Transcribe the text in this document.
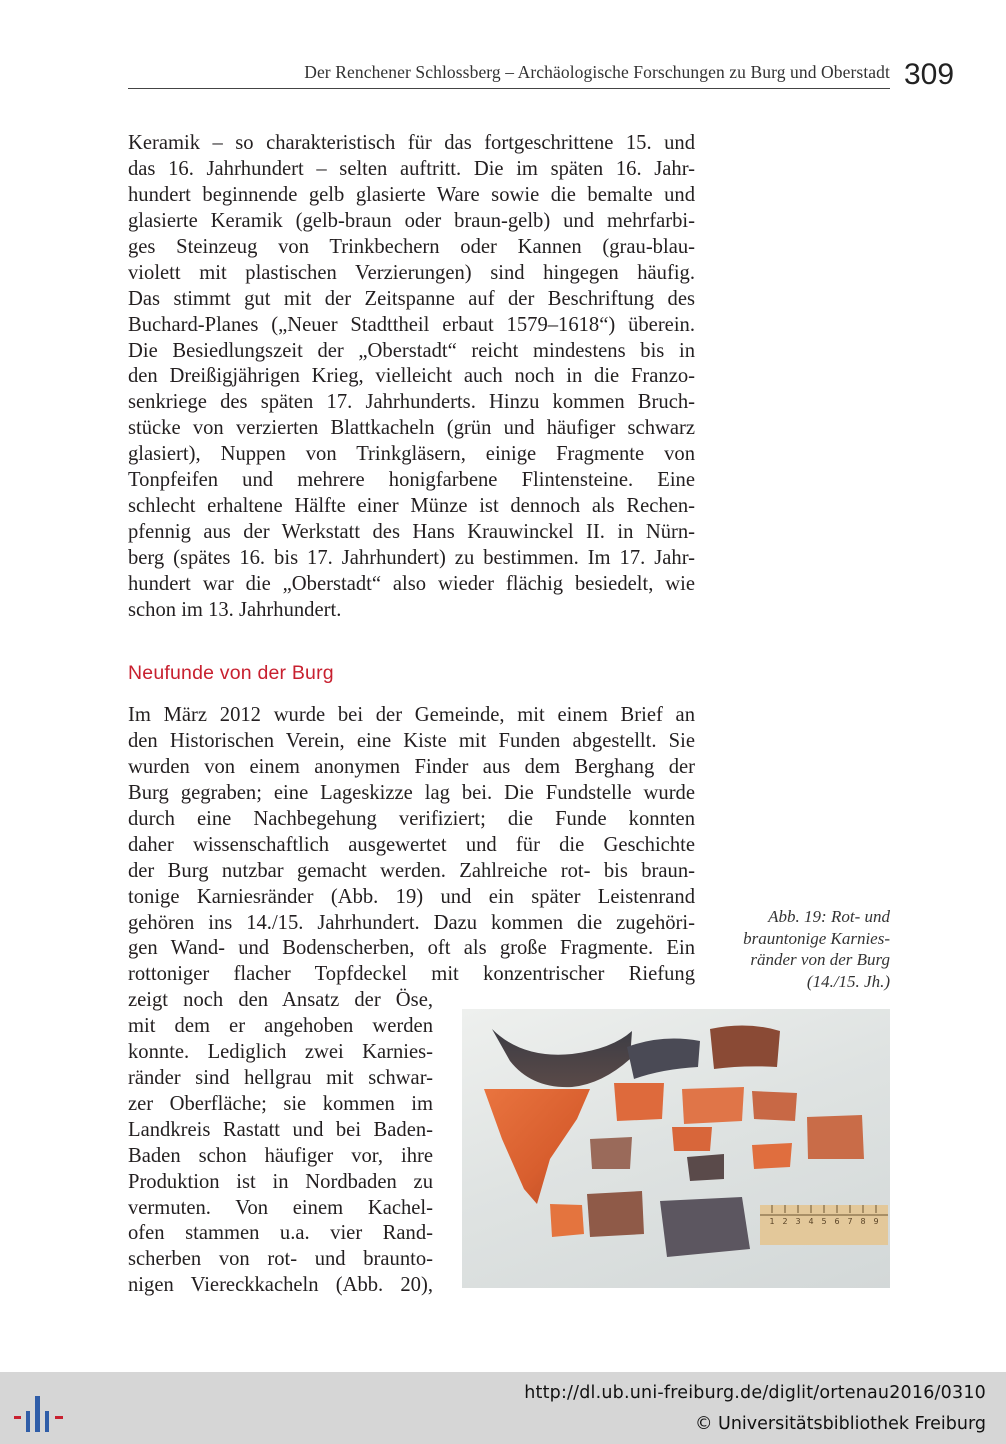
Der Renchener Schlossberg – Archäologische Forschungen zu Burg und Oberstadt 309
Keramik – so charakteristisch für das fortgeschrittene 15. und
das 16. Jahrhundert – selten auftritt. Die im späten 16. Jahr-
hundert beginnende gelb glasierte Ware sowie die bemalte und
glasierte Keramik (gelb-braun oder braun-gelb) und mehrfarbi-
ges Steinzeug von Trinkbechern oder Kannen (grau-blau-
violett mit plastischen Verzierungen) sind hingegen häufig.
Das stimmt gut mit der Zeitspanne auf der Beschriftung des
Buchard-Planes („Neuer Stadttheil erbaut 1579–1618“) überein.
Die Besiedlungszeit der „Oberstadt“ reicht mindestens bis in
den Dreißigjährigen Krieg, vielleicht auch noch in die Franzo-
senkriege des späten 17. Jahrhunderts. Hinzu kommen Bruch-
stücke von verzierten Blattkacheln (grün und häufiger schwarz
glasiert), Nuppen von Trinkgläsern, einige Fragmente von
Tonpfeifen und mehrere honigfarbene Flintensteine. Eine
schlecht erhaltene Hälfte einer Münze ist dennoch als Rechen-
pfennig aus der Werkstatt des Hans Krauwinckel II. in Nürn-
berg (spätes 16. bis 17. Jahrhundert) zu bestimmen. Im 17. Jahr-
hundert war die „Oberstadt“ also wieder flächig besiedelt, wie
schon im 13. Jahrhundert.
Neufunde von der Burg
Im März 2012 wurde bei der Gemeinde, mit einem Brief an
den Historischen Verein, eine Kiste mit Funden abgestellt. Sie
wurden von einem anonymen Finder aus dem Berghang der
Burg gegraben; eine Lageskizze lag bei. Die Fundstelle wurde
durch eine Nachbegehung verifiziert; die Funde konnten
daher wissenschaftlich ausgewertet und für die Geschichte
der Burg nutzbar gemacht werden. Zahlreiche rot- bis braun-
tonige Karniesränder (Abb. 19) und ein später Leistenrand
gehören ins 14./15. Jahrhundert. Dazu kommen die zugehöri-
gen Wand- und Bodenscherben, oft als große Fragmente. Ein
rottoniger flacher Topfdeckel mit konzentrischer Riefung
zeigt noch den Ansatz der Öse,
mit dem er angehoben werden
konnte. Lediglich zwei Karnies-
ränder sind hellgrau mit schwar-
zer Oberfläche; sie kommen im
Landkreis Rastatt und bei Baden-
Baden schon häufiger vor, ihre
Produktion ist in Nordbaden zu
vermuten. Von einem Kachel-
ofen stammen u.a. vier Rand-
scherben von rot- und braunto-
nigen Viereckkacheln (Abb. 20),
Abb. 19: Rot- und
brauntonige Karnies-
ränder von der Burg
(14./15. Jh.)
1 2 3 4 5 6 7 8 9
http://dl.ub.uni-freiburg.de/diglit/ortenau2016/0310
© Universitätsbibliothek Freiburg
